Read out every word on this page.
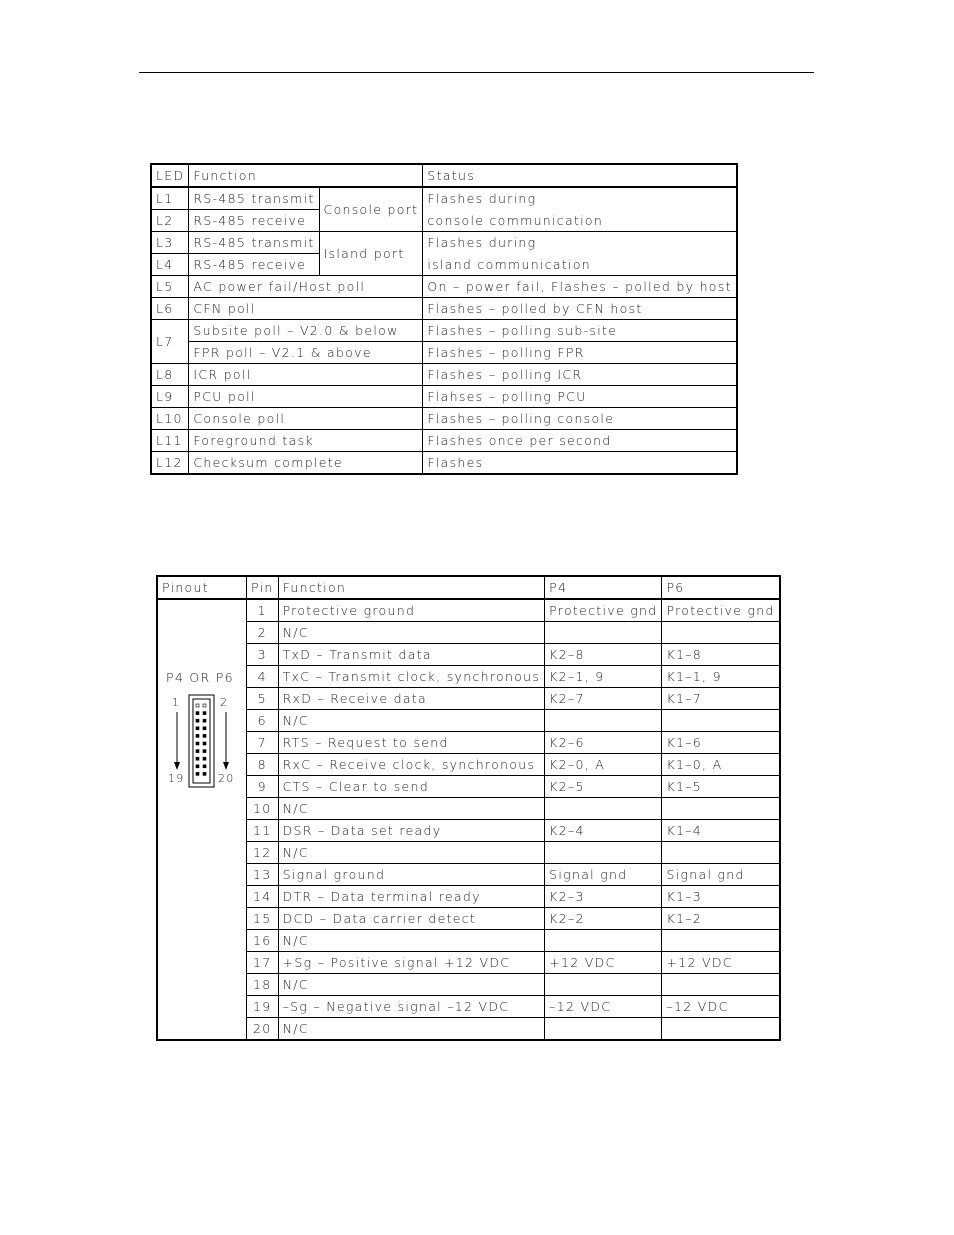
LED	Function		Status
L1	RS-485 transmit	Console port	Flashes during
L2	RS-485 receive		console communication
L3	RS-485 transmit	Island port	Flashes during
L4	RS-485 receive		island communication
L5	AC power fail/Host poll		On – power fail, Flashes – polled by host
L6	CFN poll		Flashes – polled by CFN host
L7	Subsite poll – V2.0 & below		Flashes – polling sub-site
	FPR poll – V2.1 & above		Flashes – polling FPR
L8	ICR poll		Flashes – polling ICR
L9	PCU poll		Flahses – polling PCU
L10	Console poll		Flashes – polling console
L11	Foreground task		Flashes once per second
L12	Checksum complete		Flashes
Pinout	Pin	Function	P4	P6

P4 OR P6
1 2
19 20	1	Protective ground	Protective gnd	Protective gnd
	2	N/C		
	3	TxD – Transmit data	K2–8	K1–8
	4	TxC – Transmit clock, synchronous	K2–1, 9	K1–1, 9
	5	RxD – Receive data	K2–7	K1–7
	6	N/C		
	7	RTS – Request to send	K2–6	K1–6
	8	RxC – Receive clock, synchronous	K2–0, A	K1–0, A
	9	CTS – Clear to send	K2–5	K1–5
	10	N/C		
	11	DSR – Data set ready	K2–4	K1–4
	12	N/C		
	13	Signal ground	Signal gnd	Signal gnd
	14	DTR – Data terminal ready	K2–3	K1–3
	15	DCD – Data carrier detect	K2–2	K1–2
	16	N/C		
	17	+Sg – Positive signal +12 VDC	+12 VDC	+12 VDC
	18	N/C		
	19	–Sg – Negative signal –12 VDC	–12 VDC	–12 VDC
	20	N/C		
